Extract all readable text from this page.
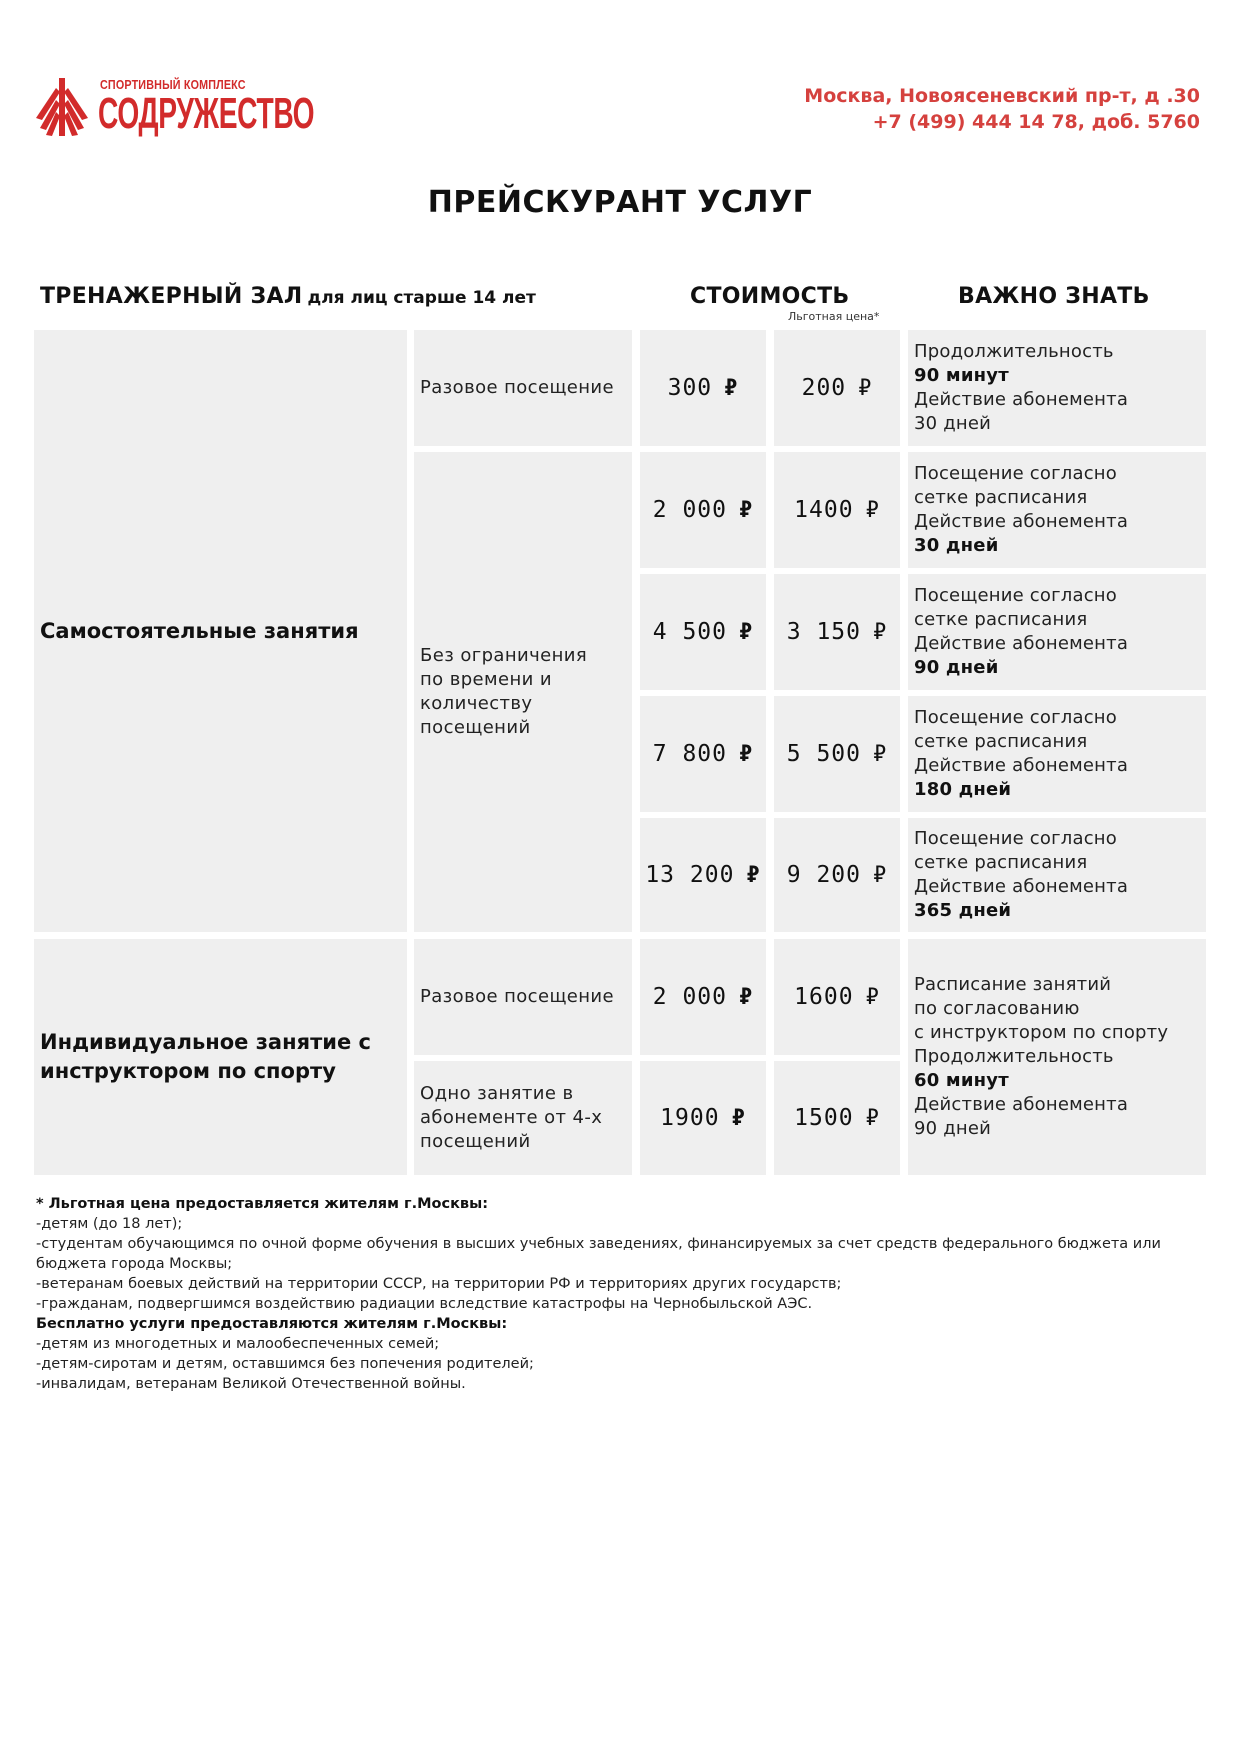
СПОРТИВНЫЙ КОМПЛЕКС
СОДРУЖЕСТВО	Москва, Новоясеневский пр-т, д .30
+7 (499) 444 14 78, доб. 5760
ПРЕЙСКУРАНТ УСЛУГ
ТРЕНАЖЕРНЫЙ ЗАЛ для лиц старше 14 лет	СТОИМОСТЬ
Льготная цена*
ВАЖНО ЗНАТЬ
Самостоятельные занятия
Индивидуальное занятие с инструктором по спорту
Разовое посещение
Без ограничения по времени и количеству посещений
Разовое посещение
Одно занятие в абонементе от 4-х посещений
300 ₽
2 000 ₽
4 500 ₽
7 800 ₽
13 200 ₽
2 000 ₽
1900 ₽
200 ₽
1400 ₽
3 150 ₽
5 500 ₽
9 200 ₽
1600 ₽
1500 ₽
Продолжительность
90 минут
Действие абонемента
30 дней
Посещение согласно
сетке расписания
Действие абонемента
30 дней
Посещение согласно
сетке расписания
Действие абонемента
90 дней
Посещение согласно
сетке расписания
Действие абонемента
180 дней
Посещение согласно
сетке расписания
Действие абонемента
365 дней
Расписание занятий
по согласованию
с инструктором по спорту
Продолжительность
60 минут
Действие абонемента
90 дней
* Льготная цена предоставляется жителям г.Москвы:
-детям (до 18 лет);
-студентам обучающимся по очной форме обучения в высших учебных заведениях, финансируемых за счет средств федерального бюджета или бюджета города Москвы;
-ветеранам боевых действий на территории СССР, на территории РФ и территориях других государств;
-гражданам, подвергшимся воздействию радиации вследствие катастрофы на Чернобыльской АЭС.
Бесплатно услуги предоставляются жителям г.Москвы:
-детям из многодетных и малообеспеченных семей;
-детям-сиротам и детям, оставшимся без попечения родителей;
-инвалидам, ветеранам Великой Отечественной войны.
